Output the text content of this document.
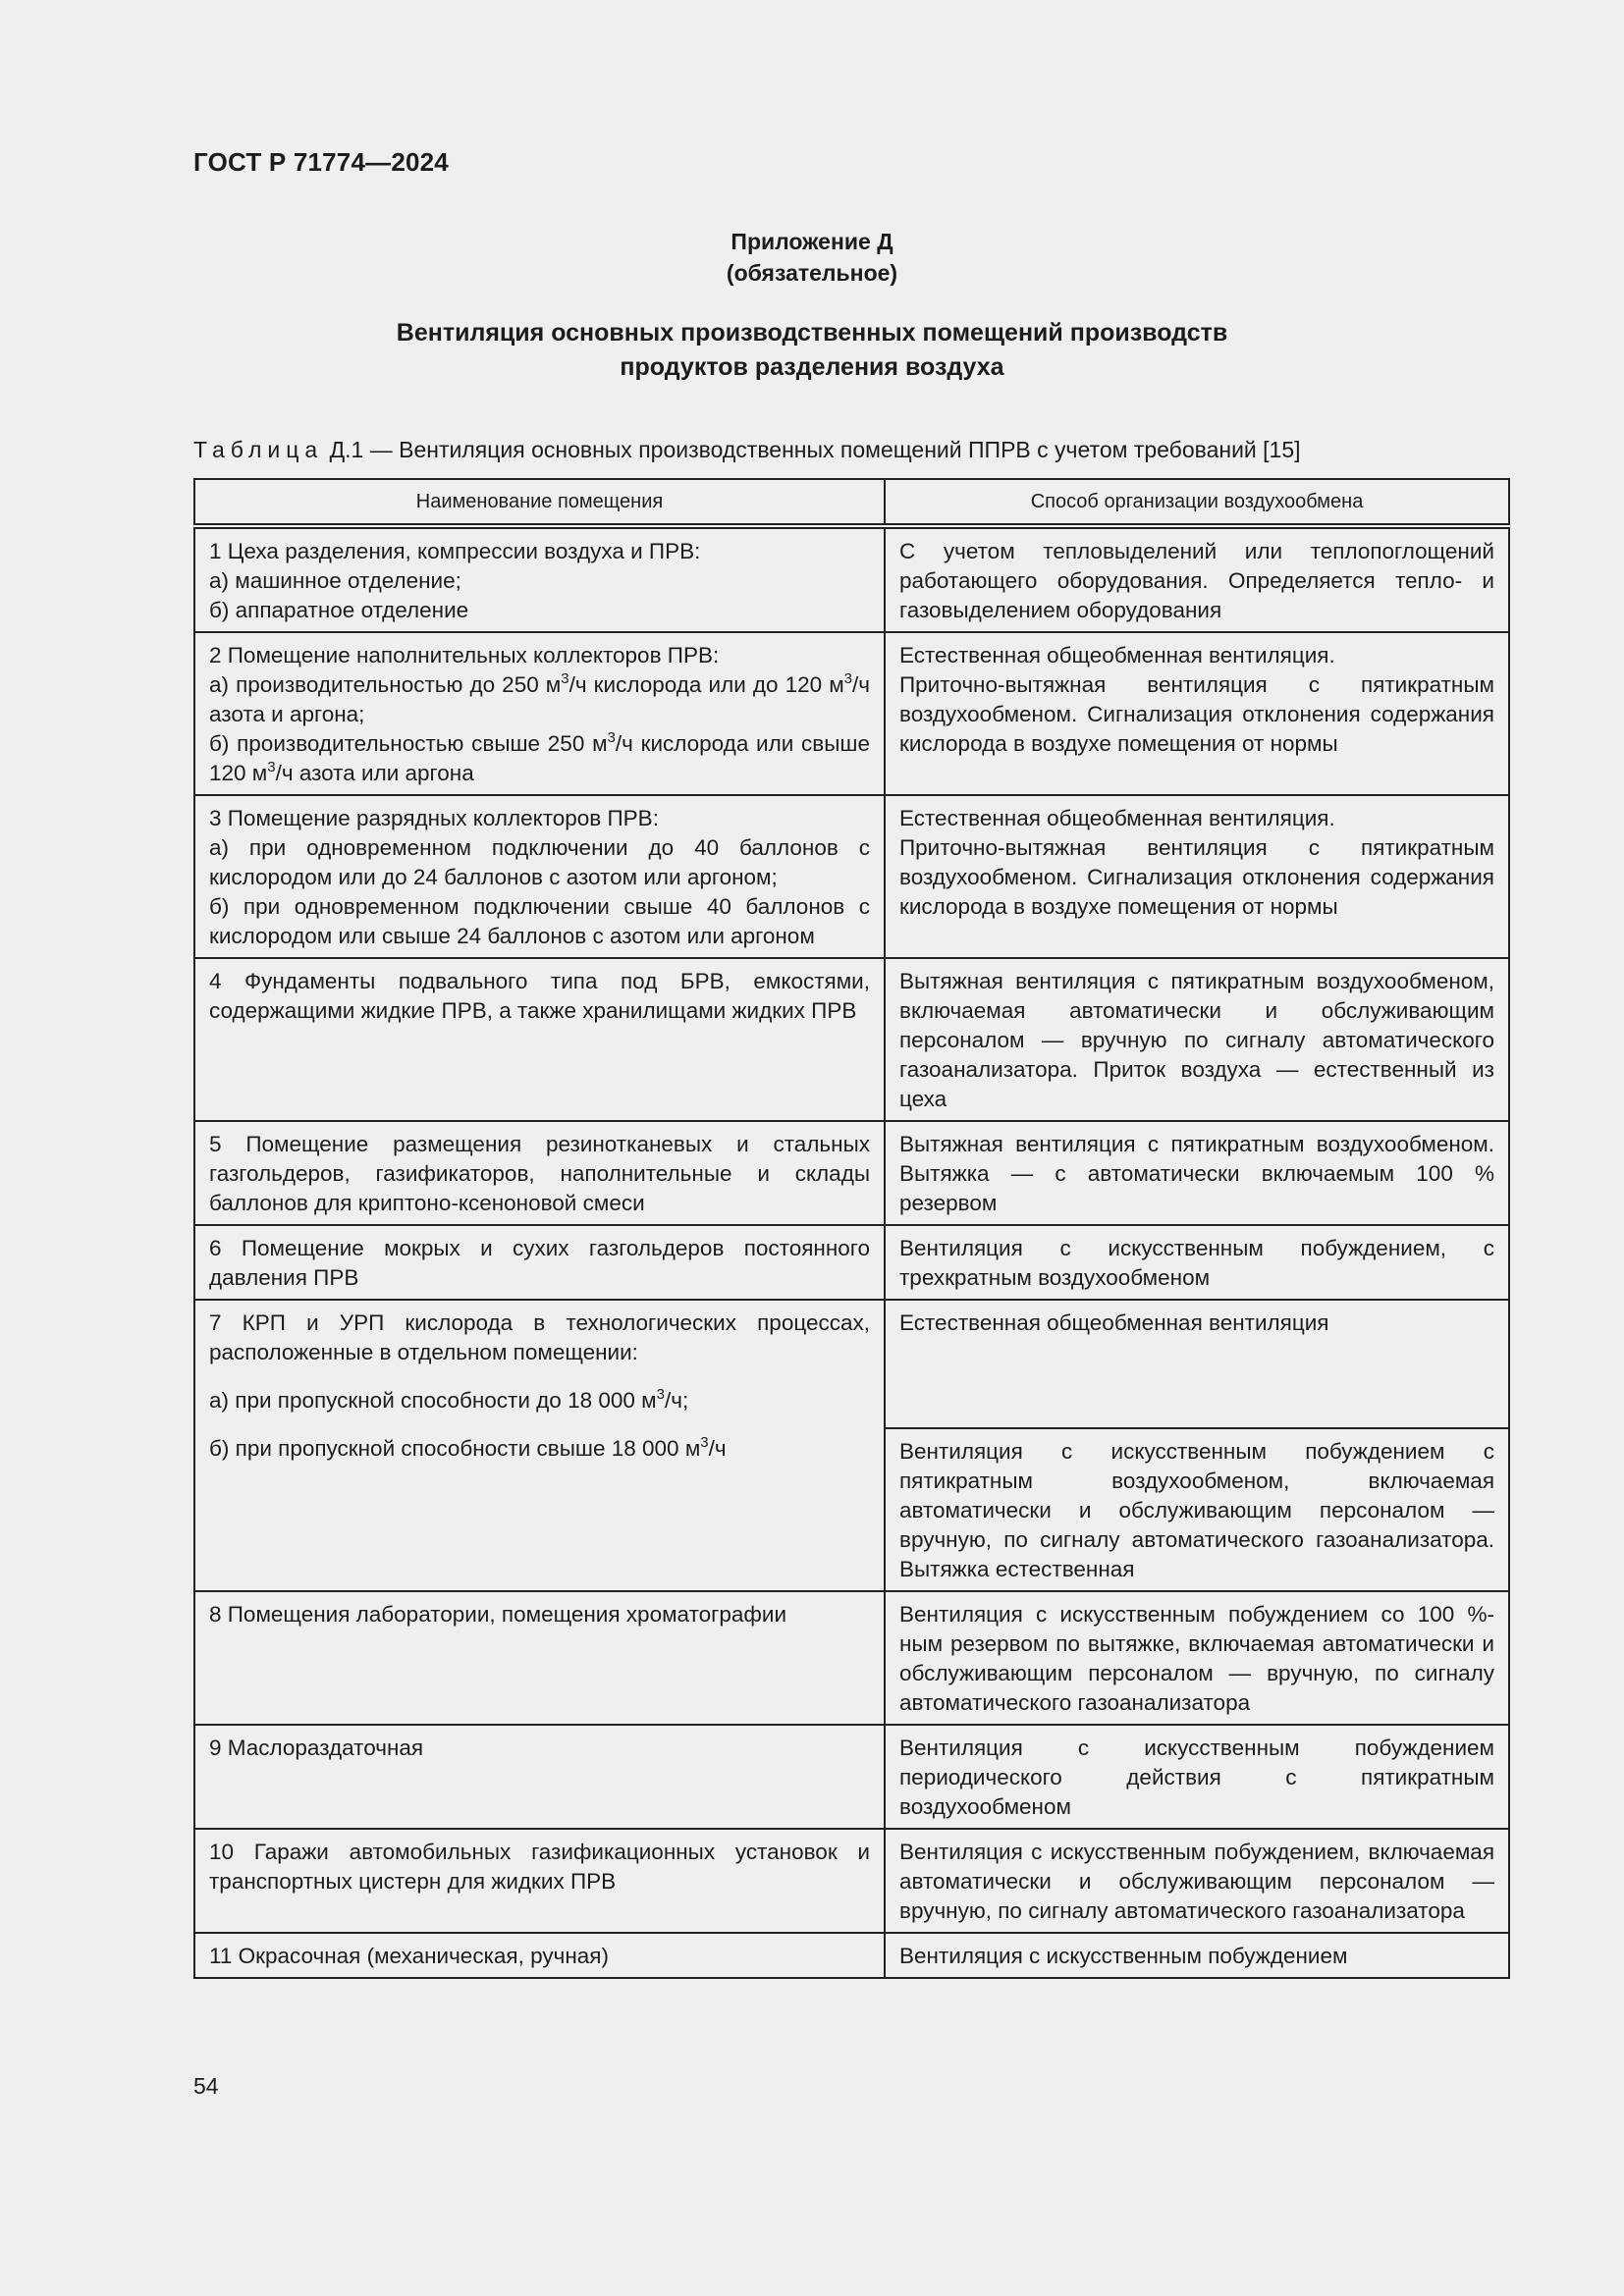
ГОСТ Р 71774—2024
Приложение Д
(обязательное)
Вентиляция основных производственных помещений производств
продуктов разделения воздуха
Таблица Д.1 — Вентиляция основных производственных помещений ППРВ с учетом требований [15]
Наименование помещения	Способ организации воздухообмена

1 Цеха разделения, компрессии воздуха и ПРВ:
а) машинное отделение;
б) аппаратное отделение	С учетом тепловыделений или теплопоглощений работающего оборудования. Определяется тепло- и газовыделением оборудования

2 Помещение наполнительных коллекторов ПРВ:
а) производительностью до 250 $м^3/ч$ кислорода или до 120 $м^3/ч$ азота и аргона;
б) производительностью свыше 250 $м^3/ч$ кислорода или свыше 120 $м^3/ч$ азота или аргона	Естественная общеобменная вентиляция.
Приточно-вытяжная вентиляция с пятикратным воздухообменом. Сигнализация отклонения содержания кислорода в воздухе помещения от нормы

3 Помещение разрядных коллекторов ПРВ:
а) при одновременном подключении до 40 баллонов с кислородом или до 24 баллонов с азотом или аргоном;
б) при одновременном подключении свыше 40 баллонов с кислородом или свыше 24 баллонов с азотом или аргоном	Естественная общеобменная вентиляция.
Приточно-вытяжная вентиляция с пятикратным воздухообменом. Сигнализация отклонения содержания кислорода в воздухе помещения от нормы

4 Фундаменты подвального типа под БРВ, емкостями, содержащими жидкие ПРВ, а также хранилищами жидких ПРВ	Вытяжная вентиляция с пятикратным воздухообменом, включаемая автоматически и обслуживающим персоналом — вручную по сигналу автоматического газоанализатора. Приток воздуха — естественный из цеха
5 Помещение размещения резинотканевых и стальных газгольдеров, газификаторов, наполнительные и склады баллонов для криптоно-ксеноновой смеси	Вытяжная вентиляция с пятикратным воздухообменом. Вытяжка — с автоматически включаемым 100 % резервом
6 Помещение мокрых и сухих газгольдеров постоянного давления ПРВ	Вентиляция с искусственным побуждением, с трехкратным воздухообменом

7 КРП и УРП кислорода в технологических процессах, расположенные в отдельном помещении:
а) при пропускной способности до 18 000 $м^3/ч$;
б) при пропускной способности свыше 18 000 $м^3/ч$	Естественная общеобменная вентиляция
	Вентиляция с искусственным побуждением с пятикратным воздухообменом, включаемая автоматически и обслуживающим персоналом — вручную, по сигналу автоматического газоанализатора. Вытяжка естественная
8 Помещения лаборатории, помещения хроматографии	Вентиляция с искусственным побуждением со 100 %-ным резервом по вытяжке, включаемая автоматически и обслуживающим персоналом — вручную, по сигналу автоматического газоанализатора
9 Маслораздаточная	Вентиляция с искусственным побуждением периодического действия с пятикратным воздухообменом
10 Гаражи автомобильных газификационных установок и транспортных цистерн для жидких ПРВ	Вентиляция с искусственным побуждением, включаемая автоматически и обслуживающим персоналом — вручную, по сигналу автоматического газоанализатора
11 Окрасочная (механическая, ручная)	Вентиляция с искусственным побуждением
54
